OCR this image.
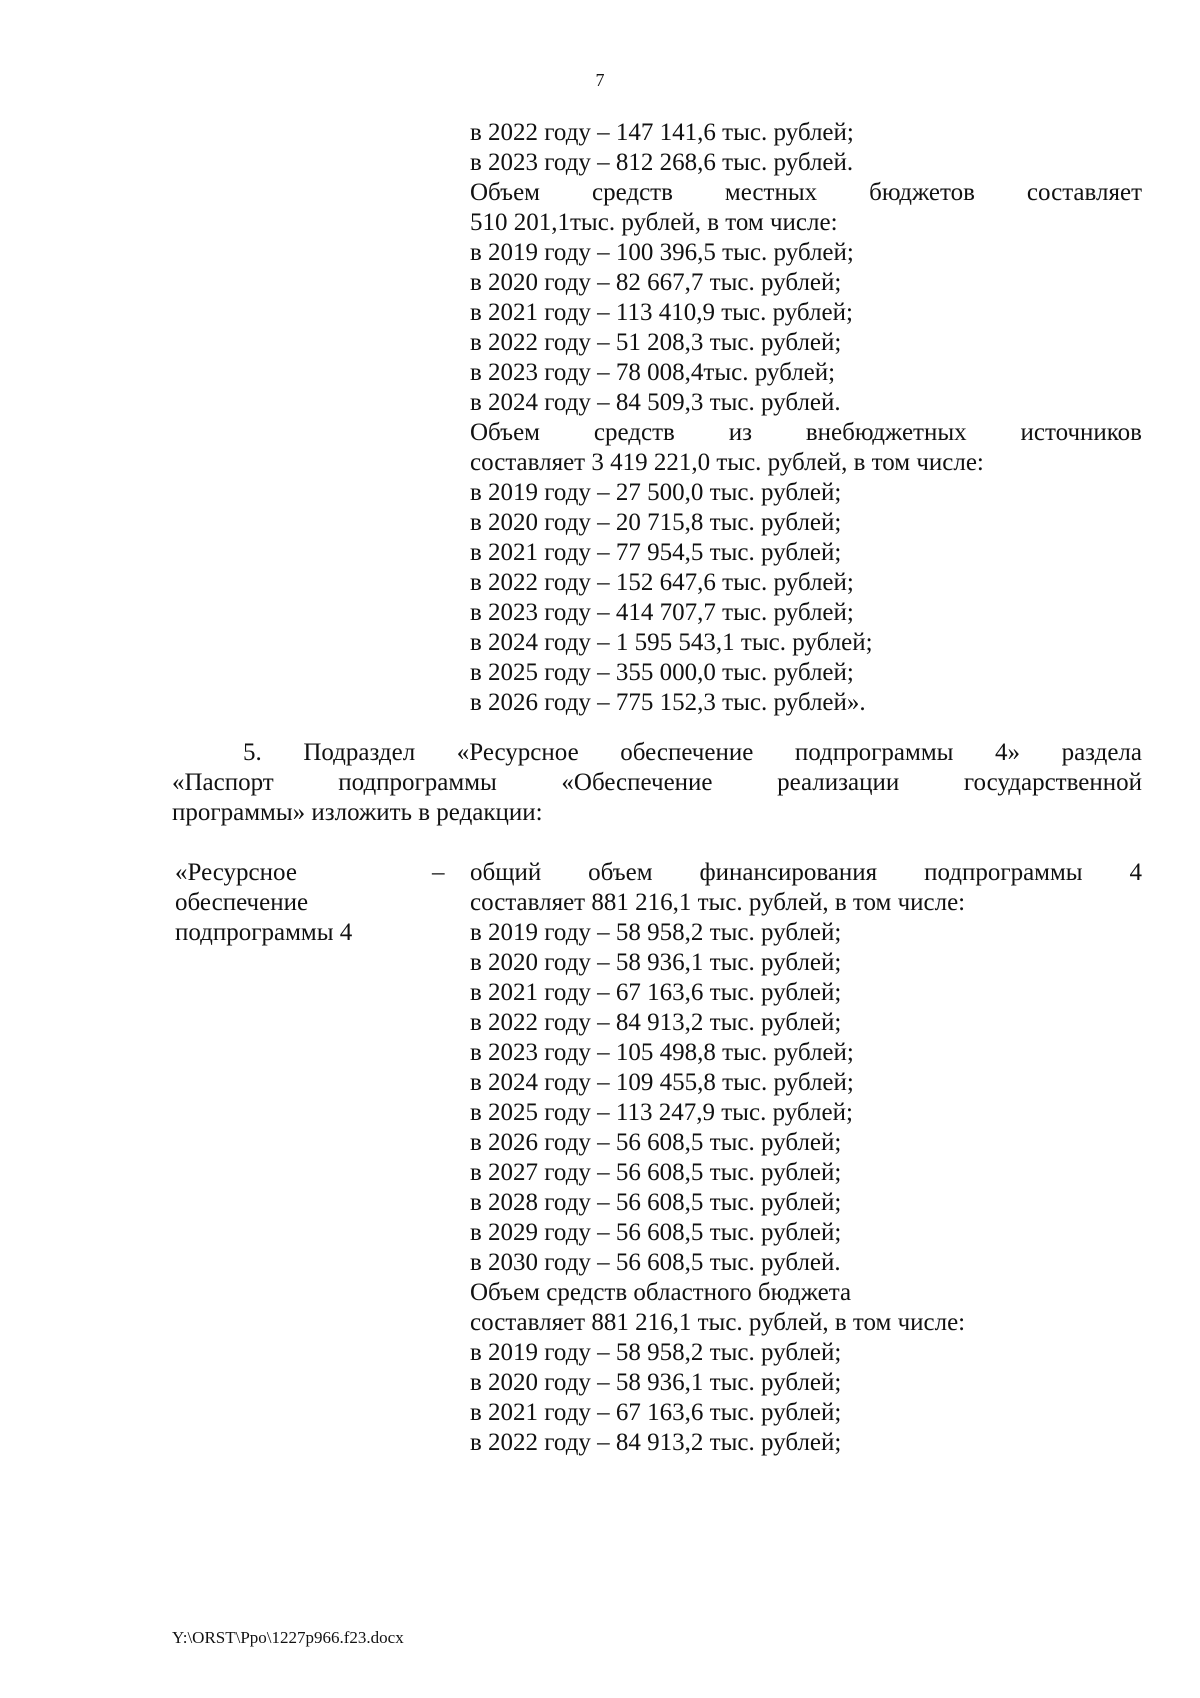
7
в 2022 году – 147 141,6 тыс. рублей;
в 2023 году – 812 268,6 тыс. рублей.
Объем средств местных бюджетов составляет
510 201,1тыс. рублей, в том числе:
в 2019 году – 100 396,5 тыс. рублей;
в 2020 году – 82 667,7 тыс. рублей;
в 2021 году – 113 410,9 тыс. рублей;
в 2022 году – 51 208,3 тыс. рублей;
в 2023 году – 78 008,4тыс. рублей;
в 2024 году – 84 509,3 тыс. рублей.
Объем средств из внебюджетных источников
составляет 3 419 221,0 тыс. рублей, в том числе:
в 2019 году – 27 500,0 тыс. рублей;
в 2020 году – 20 715,8 тыс. рублей;
в 2021 году – 77 954,5 тыс. рублей;
в 2022 году – 152 647,6 тыс. рублей;
в 2023 году – 414 707,7 тыс. рублей;
в 2024 году – 1 595 543,1 тыс. рублей;
в 2025 году – 355 000,0 тыс. рублей;
в 2026 году – 775 152,3 тыс. рублей».
5. Подраздел «Ресурсное обеспечение подпрограммы 4» раздела
«Паспорт подпрограммы «Обеспечение реализации государственной
программы» изложить в редакции:
«Ресурсное
обеспечение
подпрограммы 4
– общий объем финансирования подпрограммы 4
составляет 881 216,1 тыс. рублей, в том числе:
в 2019 году – 58 958,2 тыс. рублей;
в 2020 году – 58 936,1 тыс. рублей;
в 2021 году – 67 163,6 тыс. рублей;
в 2022 году – 84 913,2 тыс. рублей;
в 2023 году – 105 498,8 тыс. рублей;
в 2024 году – 109 455,8 тыс. рублей;
в 2025 году – 113 247,9 тыс. рублей;
в 2026 году – 56 608,5 тыс. рублей;
в 2027 году – 56 608,5 тыс. рублей;
в 2028 году – 56 608,5 тыс. рублей;
в 2029 году – 56 608,5 тыс. рублей;
в 2030 году – 56 608,5 тыс. рублей.
Объем средств областного бюджета
составляет 881 216,1 тыс. рублей, в том числе:
в 2019 году – 58 958,2 тыс. рублей;
в 2020 году – 58 936,1 тыс. рублей;
в 2021 году – 67 163,6 тыс. рублей;
в 2022 году – 84 913,2 тыс. рублей;
Y:\ORST\Ppo\1227p966.f23.docx
